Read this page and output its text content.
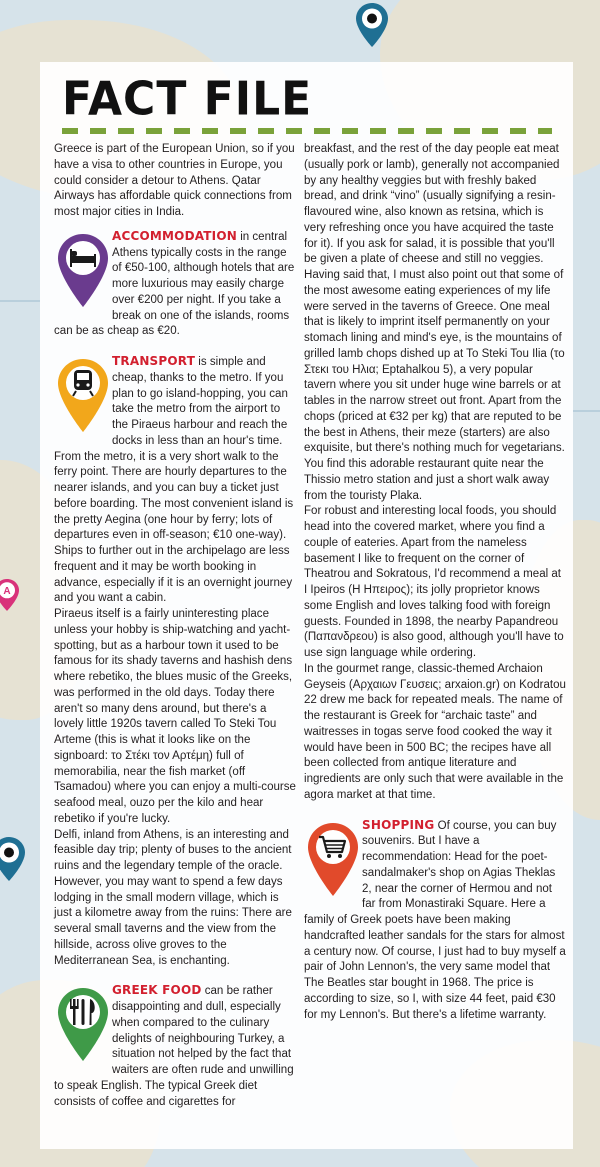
A
FACT FILE
Greece is part of the European Union, so if you have a visa to other countries in Europe, you could consider a detour to Athens. Qatar Airways has affordable quick connections from most major cities in India.
ACCOMMODATION in central Athens typically costs in the range of €50-100, although hotels that are more luxurious may easily charge over €200 per night. If you take a break on one of the islands, rooms can be as cheap as €20.
TRANSPORT is simple and cheap, thanks to the metro. If you plan to go island-hopping, you can take the metro from the airport to the Piraeus harbour and reach the docks in less than an hour's time. From the metro, it is a very short walk to the ferry point. There are hourly departures to the nearer islands, and you can buy a ticket just before boarding. The most convenient island is the pretty Aegina (one hour by ferry; lots of departures even in off-season; €10 one-way). Ships to further out in the archipelago are less frequent and it may be worth booking in advance, especially if it is an overnight journey and you want a cabin.
Piraeus itself is a fairly uninteresting place unless your hobby is ship-watching and yacht-spotting, but as a harbour town it used to be famous for its shady taverns and hashish dens where rebetiko, the blues music of the Greeks, was performed in the old days. Today there aren't so many dens around, but there's a lovely little 1920s tavern called To Steki Tou Arteme (this is what it looks like on the signboard: το Στέκι τον Αρτέμη) full of memorabilia, near the fish market (off Tsamadou) where you can enjoy a multi-course seafood meal, ouzo per the kilo and hear rebetiko if you're lucky.
Delfi, inland from Athens, is an interesting and feasible day trip; plenty of buses to the ancient ruins and the legendary temple of the oracle. However, you may want to spend a few days lodging in the small modern village, which is just a kilometre away from the ruins: There are several small taverns and the view from the hillside, across olive groves to the Mediterranean Sea, is enchanting.
GREEK FOOD can be rather disappointing and dull, especially when compared to the culinary delights of neighbouring Turkey, a situation not helped by the fact that waiters are often rude and unwilling to speak English. The typical Greek diet consists of coffee and cigarettes for
breakfast, and the rest of the day people eat meat (usually pork or lamb), generally not accompanied by any healthy veggies but with freshly baked bread, and drink “vino” (usually signifying a resin-flavoured wine, also known as retsina, which is very refreshing once you have acquired the taste for it). If you ask for salad, it is possible that you'll be given a plate of cheese and still no veggies. Having said that, I must also point out that some of the most awesome eating experiences of my life were served in the taverns of Greece. One meal that is likely to imprint itself permanently on your stomach lining and mind's eye, is the mountains of grilled lamb chops dished up at To Steki Tou Ilia (το Στεκι του Ηλια; Eptahalkou 5), a very popular tavern where you sit under huge wine barrels or at tables in the narrow street out front. Apart from the chops (priced at €32 per kg) that are reputed to be the best in Athens, their meze (starters) are also exquisite, but there's nothing much for vegetarians. You find this adorable restaurant quite near the Thissio metro station and just a short walk away from the touristy Plaka.
For robust and interesting local foods, you should head into the covered market, where you find a couple of eateries. Apart from the nameless basement I like to frequent on the corner of Theatrou and Sokratous, I'd recommend a meal at I Ipeiros (Η Ηπειρος); its jolly proprietor knows some English and loves talking food with foreign guests. Founded in 1898, the nearby Papandreou (Παπανδρεου) is also good, although you'll have to use sign language while ordering.
In the gourmet range, classic-themed Archaion Geyseis (Αρχαιων Γευσεις; arxaion.gr) on Kodratou 22 drew me back for repeated meals. The name of the restaurant is Greek for “archaic taste” and waitresses in togas serve food cooked the way it would have been in 500 BC; the recipes have all been collected from antique literature and ingredients are only such that were available in the agora market at that time.
SHOPPING Of course, you can buy souvenirs. But I have a recommendation: Head for the poet-sandalmaker's shop on Agias Theklas 2, near the corner of Hermou and not far from Monastiraki Square. Here a family of Greek poets have been making handcrafted leather sandals for the stars for almost a century now. Of course, I just had to buy myself a pair of John Lennon's, the very same model that The Beatles star bought in 1968. The price is according to size, so I, with size 44 feet, paid €30 for my Lennon's. But there's a lifetime warranty.
